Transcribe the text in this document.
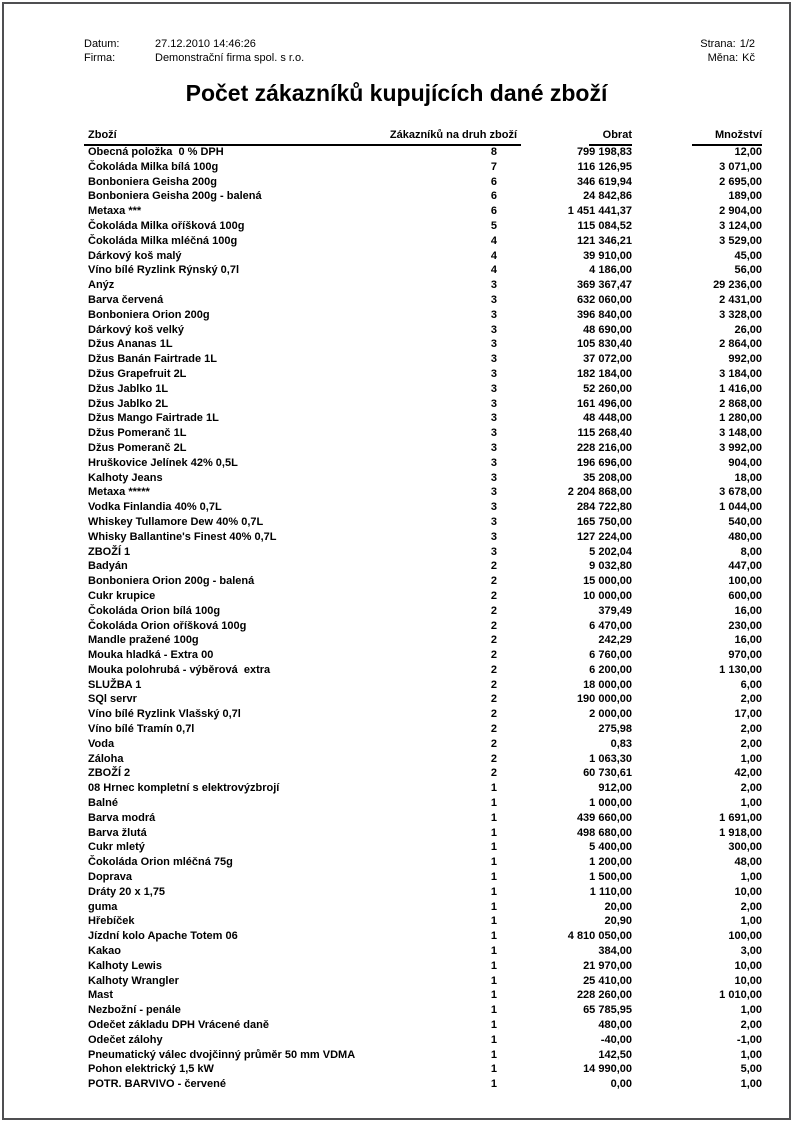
Datum:	27.12.2010 14:46:26	Strana: 1/2
Firma:	Demonstrační firma spol. s r.o.	Měna: Kč
Počet zákazníků kupujících dané zboží
Zboží	Zákazníků na druh zboží	Obrat	Množství
Obecná položka  0 % DPH	8	799 198,83	12,00
Čokoláda Milka bílá 100g	7	116 126,95	3 071,00
Bonboniera Geisha 200g	6	346 619,94	2 695,00
Bonboniera Geisha 200g - balená	6	24 842,86	189,00
Metaxa ***	6	1 451 441,37	2 904,00
Čokoláda Milka oříšková 100g	5	115 084,52	3 124,00
Čokoláda Milka mléčná 100g	4	121 346,21	3 529,00
Dárkový koš malý	4	39 910,00	45,00
Víno bílé Ryzlink Rýnský 0,7l	4	4 186,00	56,00
Anýz	3	369 367,47	29 236,00
Barva červená	3	632 060,00	2 431,00
Bonboniera Orion 200g	3	396 840,00	3 328,00
Dárkový koš velký	3	48 690,00	26,00
Džus Ananas 1L	3	105 830,40	2 864,00
Džus Banán Fairtrade 1L	3	37 072,00	992,00
Džus Grapefruit 2L	3	182 184,00	3 184,00
Džus Jablko 1L	3	52 260,00	1 416,00
Džus Jablko 2L	3	161 496,00	2 868,00
Džus Mango Fairtrade 1L	3	48 448,00	1 280,00
Džus Pomeranč 1L	3	115 268,40	3 148,00
Džus Pomeranč 2L	3	228 216,00	3 992,00
Hruškovice Jelínek 42% 0,5L	3	196 696,00	904,00
Kalhoty Jeans	3	35 208,00	18,00
Metaxa *****	3	2 204 868,00	3 678,00
Vodka Finlandia 40% 0,7L	3	284 722,80	1 044,00
Whiskey Tullamore Dew 40% 0,7L	3	165 750,00	540,00
Whisky Ballantine's Finest 40% 0,7L	3	127 224,00	480,00
ZBOŽÍ 1	3	5 202,04	8,00
Badyán	2	9 032,80	447,00
Bonboniera Orion 200g - balená	2	15 000,00	100,00
Cukr krupice	2	10 000,00	600,00
Čokoláda Orion bílá 100g	2	379,49	16,00
Čokoláda Orion oříšková 100g	2	6 470,00	230,00
Mandle pražené 100g	2	242,29	16,00
Mouka hladká - Extra 00	2	6 760,00	970,00
Mouka polohrubá - výběrová  extra	2	6 200,00	1 130,00
SLUŽBA 1	2	18 000,00	6,00
SQl servr	2	190 000,00	2,00
Víno bílé Ryzlink Vlašský 0,7l	2	2 000,00	17,00
Víno bílé Tramín 0,7l	2	275,98	2,00
Voda	2	0,83	2,00
Záloha	2	1 063,30	1,00
ZBOŽÍ 2	2	60 730,61	42,00
08 Hrnec kompletní s elektrovýzbrojí	1	912,00	2,00
Balné	1	1 000,00	1,00
Barva modrá	1	439 660,00	1 691,00
Barva žlutá	1	498 680,00	1 918,00
Cukr mletý	1	5 400,00	300,00
Čokoláda Orion mléčná 75g	1	1 200,00	48,00
Doprava	1	1 500,00	1,00
Dráty 20 x 1,75	1	1 110,00	10,00
guma	1	20,00	2,00
Hřebíček	1	20,90	1,00
Jízdní kolo Apache Totem 06	1	4 810 050,00	100,00
Kakao	1	384,00	3,00
Kalhoty Lewis	1	21 970,00	10,00
Kalhoty Wrangler	1	25 410,00	10,00
Mast	1	228 260,00	1 010,00
Nezbožní - penále	1	65 785,95	1,00
Odečet základu DPH Vrácené daně	1	480,00	2,00
Odečet zálohy	1	-40,00	-1,00
Pneumatický válec dvojčinný průměr 50 mm VDMA	1	142,50	1,00
Pohon elektrický 1,5 kW	1	14 990,00	5,00
POTR. BARVIVO - červené	1	0,00	1,00
